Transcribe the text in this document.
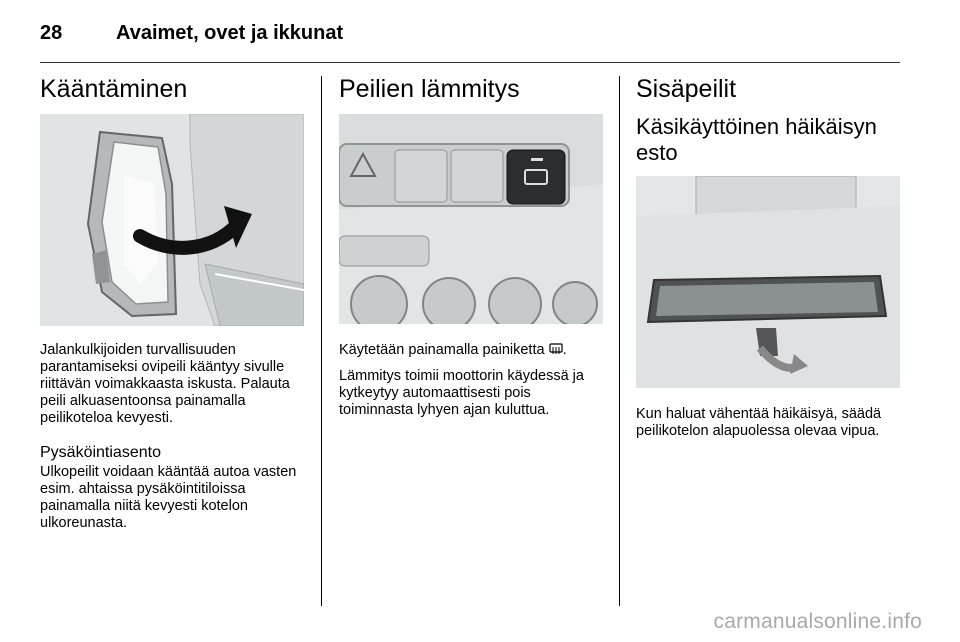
28	Avaimet, ovet ja ikkunat
Kääntäminen

Jalankulkijoiden turvallisuuden parantamiseksi ovipeili kääntyy sivulle riittävän voimakkaasta iskusta. Palauta peili alkuasentoonsa painamalla peilikoteloa kevyesti.

Pysäköintiasento

Ulkopeilit voidaan kääntää autoa vasten esim. ahtaissa pysäköintitiloissa painamalla niitä kevyesti kotelon ulkoreunasta.

Peilien lämmitys

Käytetään painamalla painiketta .

Lämmitys toimii moottorin käydessä ja kytkeytyy automaattisesti pois toiminnasta lyhyen ajan kuluttua.

Sisäpeilit
Käsikäyttöinen häikäisyn esto

Kun haluat vähentää häikäisyä, säädä peilikotelon alapuolessa olevaa vipua.

carmanualsonline.info
